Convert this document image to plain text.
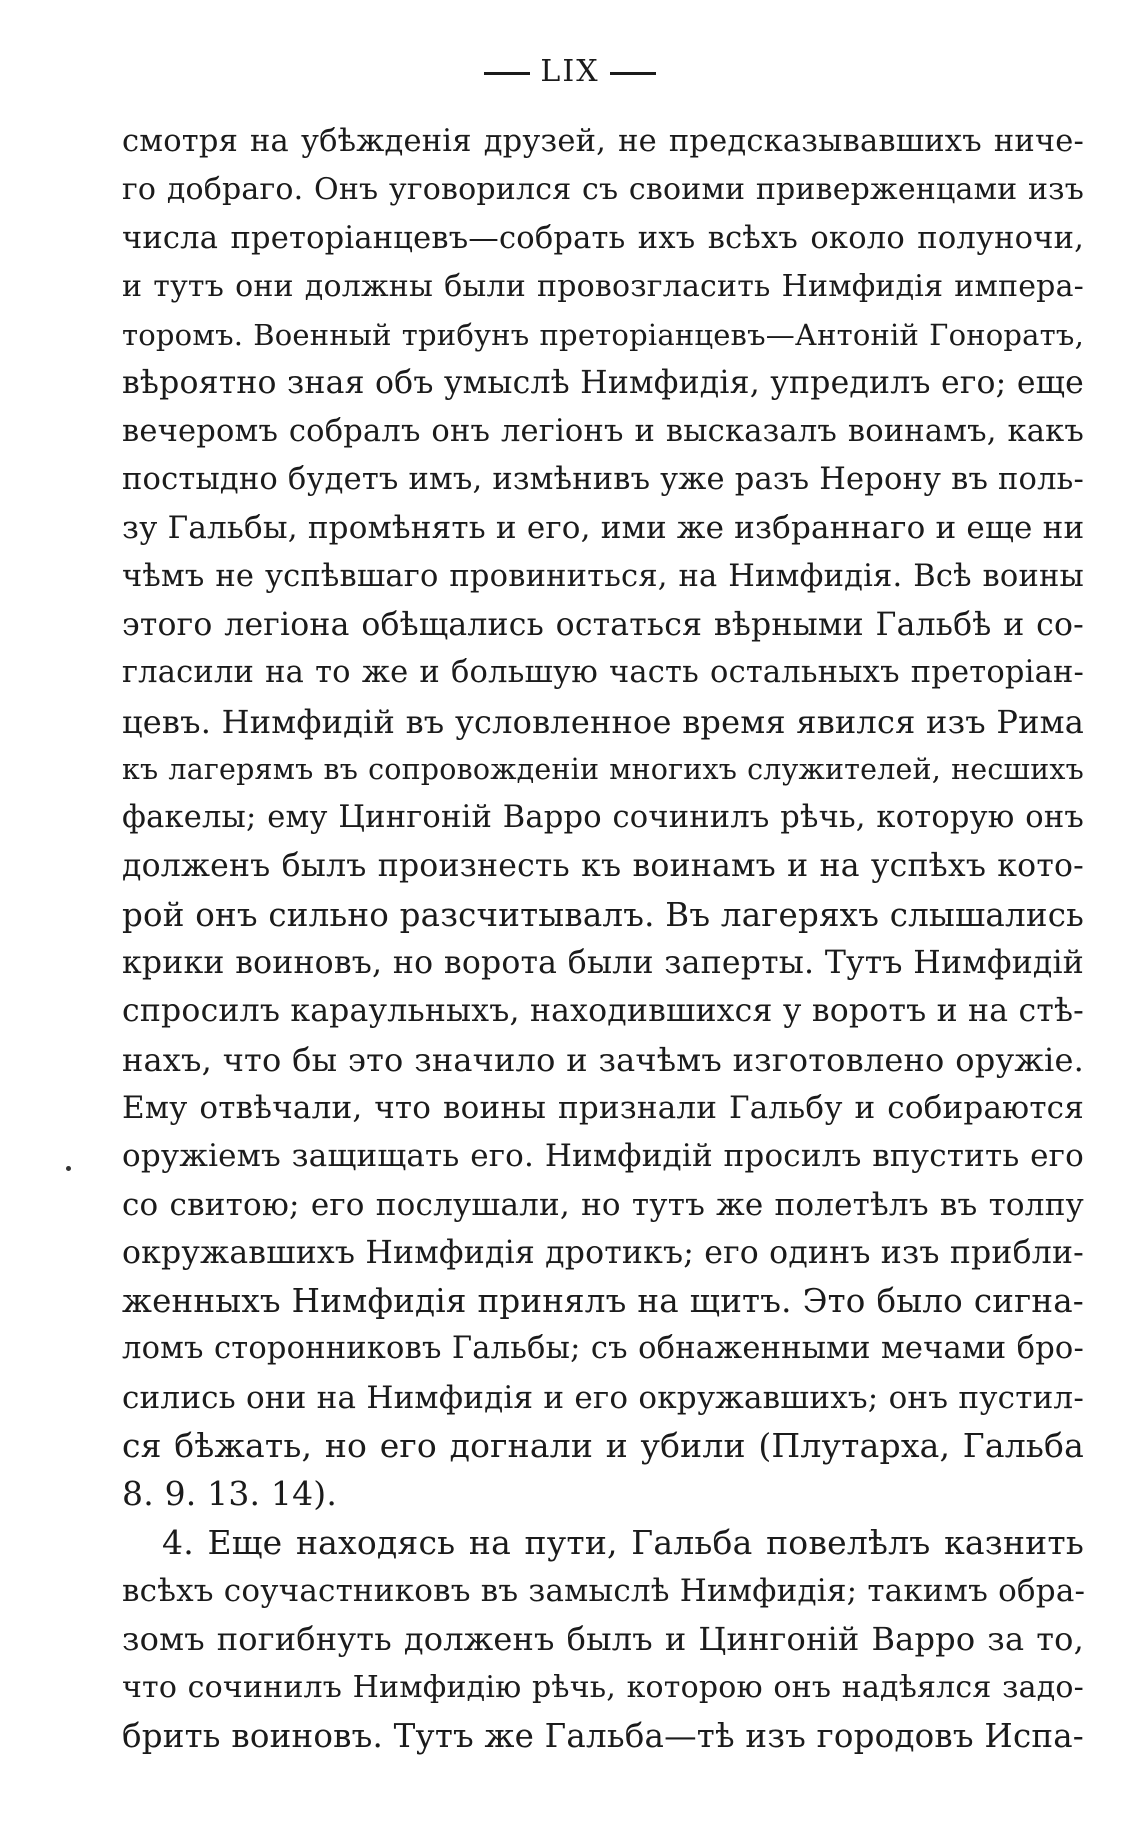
LIX
смотря на убѣжденія друзей, не предсказывавшихъ ниче-
го добраго. Онъ уговорился съ своими приверженцами изъ
числа преторіанцевъ—собрать ихъ всѣхъ около полуночи,
и тутъ они должны были провозгласить Нимфидія импера-
торомъ. Военный трибунъ преторіанцевъ—Антоній Гоноратъ,
вѣроятно зная объ умыслѣ Нимфидія, упредилъ его; еще
вечеромъ собралъ онъ легіонъ и высказалъ воинамъ, какъ
постыдно будетъ имъ, измѣнивъ уже разъ Нерону въ поль-
зу Гальбы, промѣнять и его, ими же избраннаго и еще ни
чѣмъ не успѣвшаго провиниться, на Нимфидія. Всѣ воины
этого легіона обѣщались остаться вѣрными Гальбѣ и со-
гласили на то же и большую часть остальныхъ преторіан-
цевъ. Нимфидій въ условленное время явился изъ Рима
къ лагерямъ въ сопровожденіи многихъ служителей, несшихъ
факелы; ему Цингоній Варро сочинилъ рѣчь, которую онъ
долженъ былъ произнесть къ воинамъ и на успѣхъ кото-
рой онъ сильно разсчитывалъ. Въ лагеряхъ слышались
крики воиновъ, но ворота были заперты. Тутъ Нимфидій
спросилъ караульныхъ, находившихся у воротъ и на стѣ-
нахъ, что бы это значило и зачѣмъ изготовлено оружіе.
Ему отвѣчали, что воины признали Гальбу и собираются
оружіемъ защищать его. Нимфидій просилъ впустить его
со свитою; его послушали, но тутъ же полетѣлъ въ толпу
окружавшихъ Нимфидія дротикъ; его одинъ изъ прибли-
женныхъ Нимфидія принялъ на щитъ. Это было сигна-
ломъ сторонниковъ Гальбы; съ обнаженными мечами бро-
сились они на Нимфидія и его окружавшихъ; онъ пустил-
ся бѣжать, но его догнали и убили (Плутарха, Гальба
8. 9. 13. 14).
4. Еще находясь на пути, Гальба повелѣлъ казнить
всѣхъ соучастниковъ въ замыслѣ Нимфидія; такимъ обра-
зомъ погибнуть долженъ былъ и Цингоній Варро за то,
что сочинилъ Нимфидію рѣчь, которою онъ надѣялся задо-
брить воиновъ. Тутъ же Гальба—тѣ изъ городовъ Испа-
